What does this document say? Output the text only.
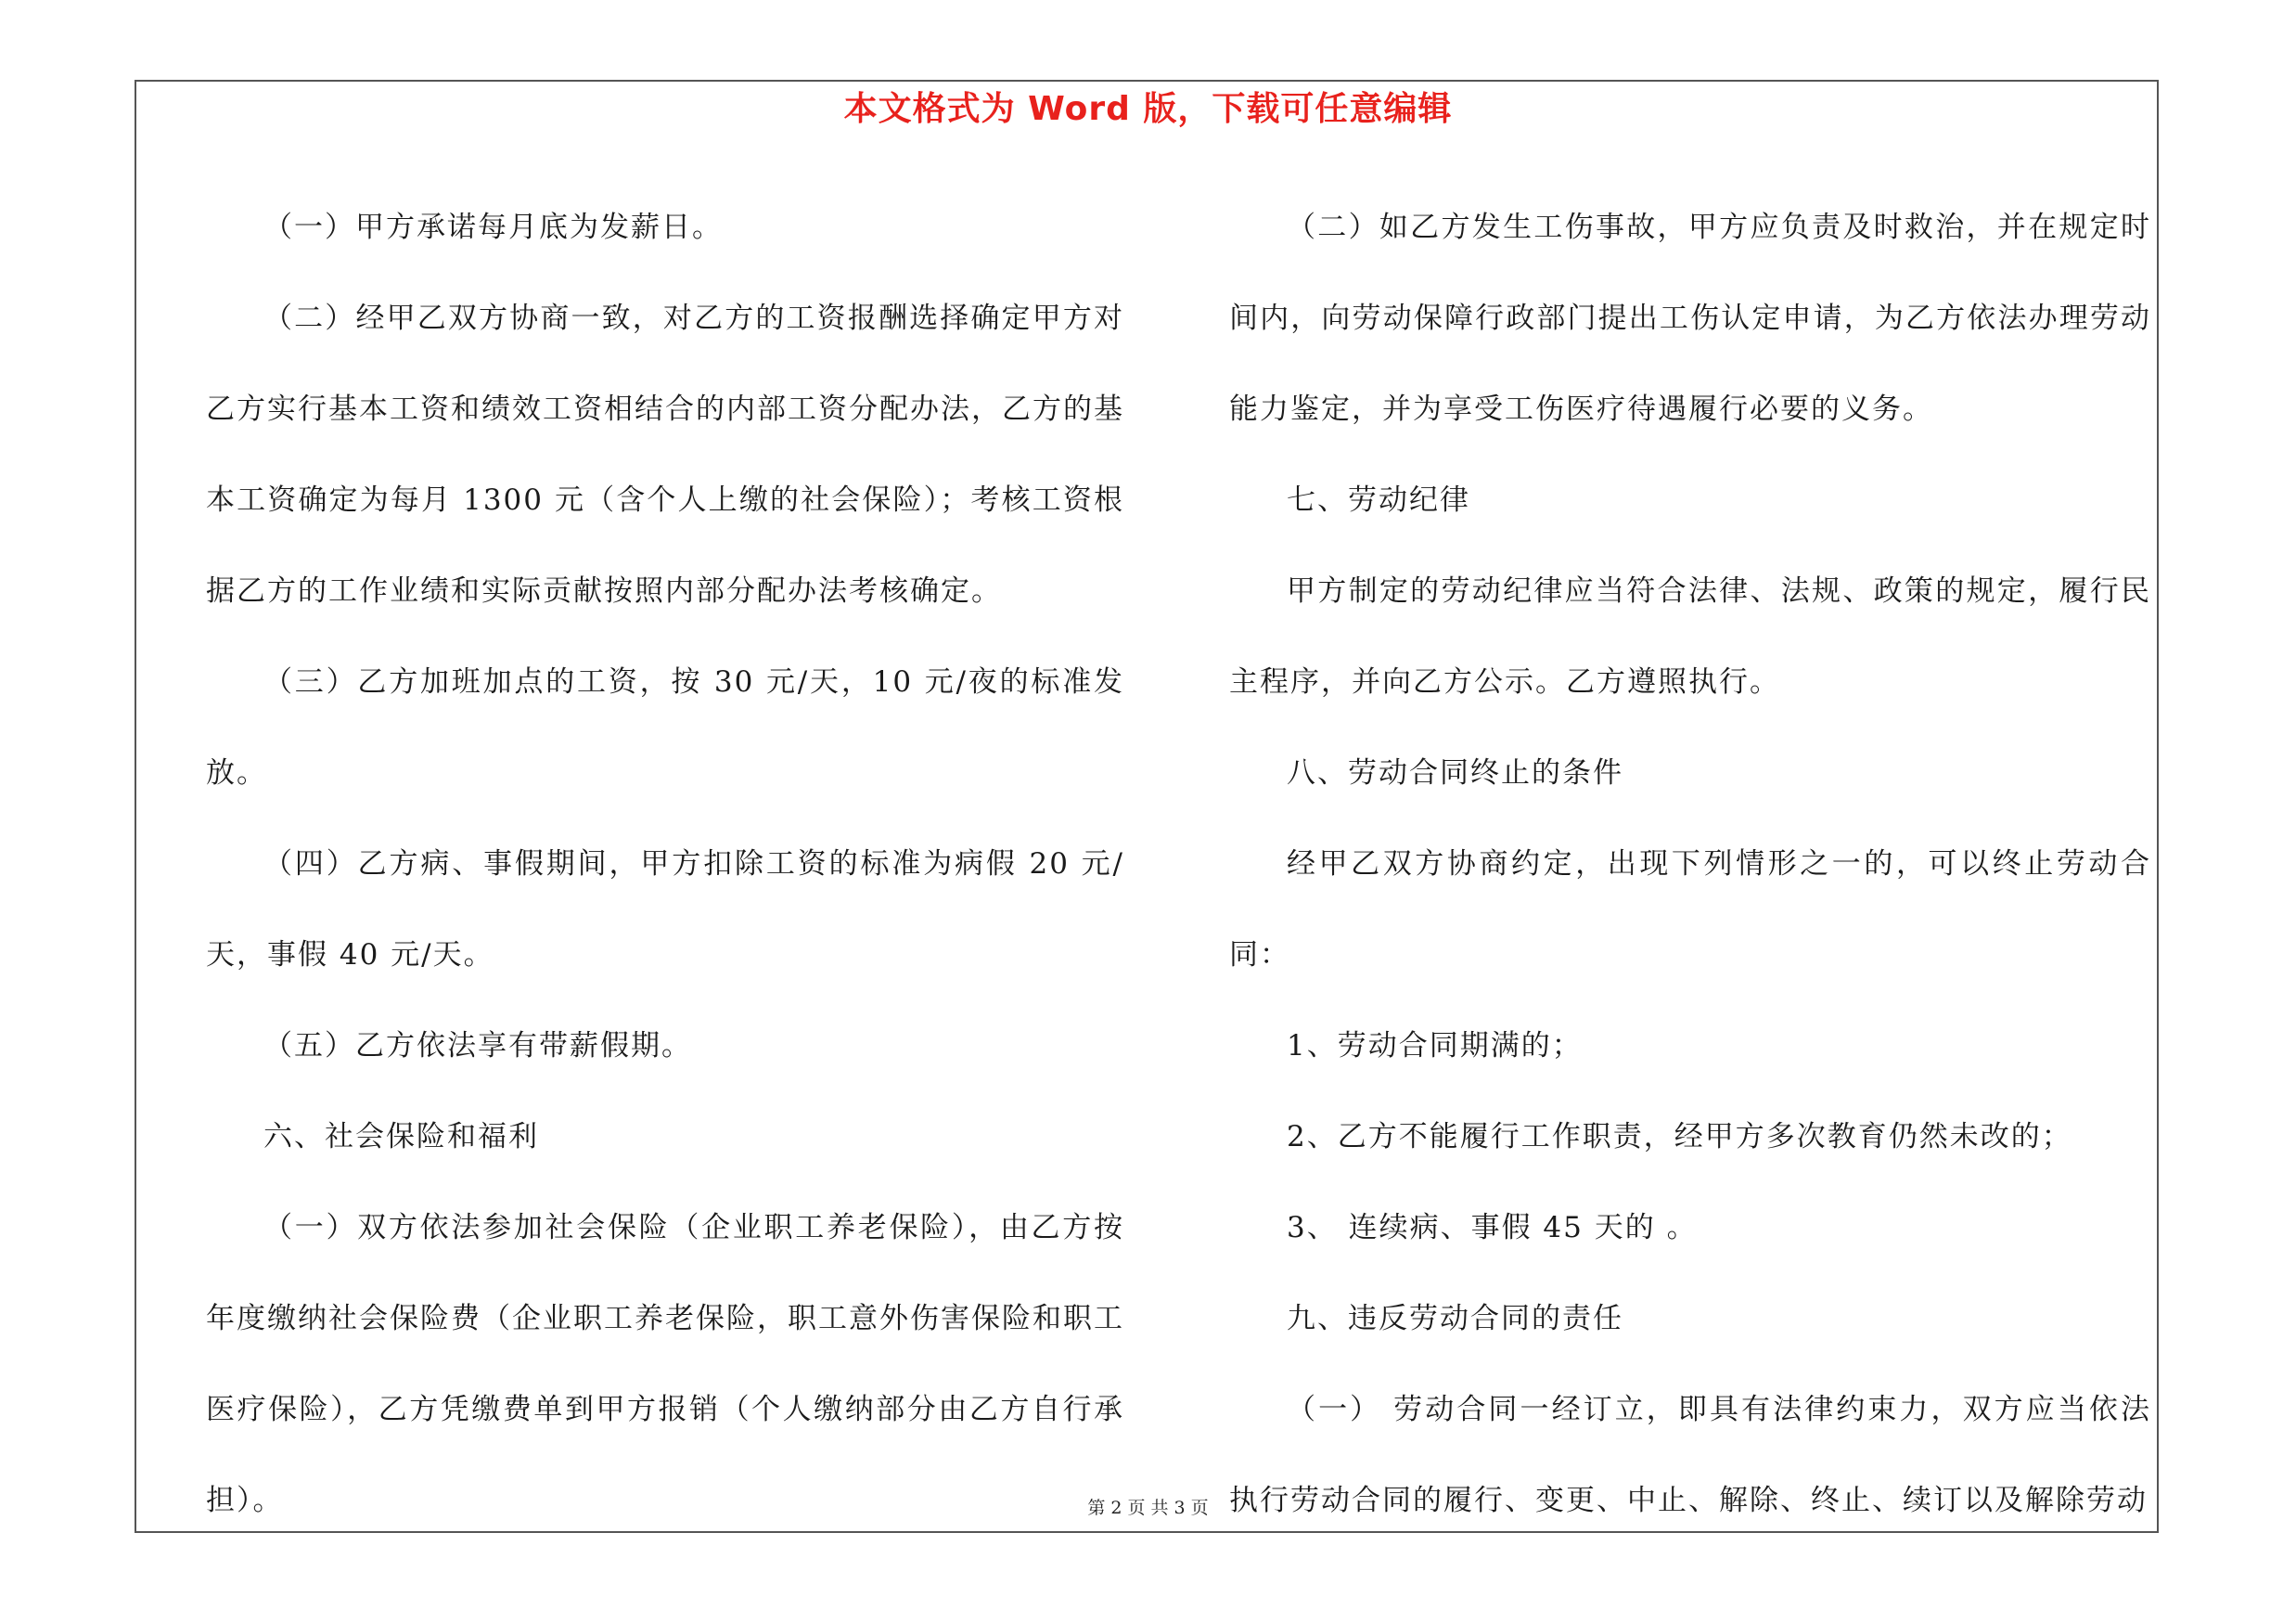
本文格式为 Word 版，下载可任意编辑

（一）甲方承诺每月底为发薪日。

（二）经甲乙双方协商一致，对乙方的工资报酬选择确定甲方对乙方实行基本工资和绩效工资相结合的内部工资分配办法，乙方的基本工资确定为每月 1300 元（含个人上缴的社会保险）；考核工资根据乙方的工作业绩和实际贡献按照内部分配办法考核确定。

（三）乙方加班加点的工资，按 30 元/天，10 元/夜的标准发放。

（四）乙方病、事假期间，甲方扣除工资的标准为病假 20 元/天，事假 40 元/天。

（五）乙方依法享有带薪假期。

六、社会保险和福利

（一）双方依法参加社会保险（企业职工养老保险），由乙方按年度缴纳社会保险费（企业职工养老保险，职工意外伤害保险和职工医疗保险），乙方凭缴费单到甲方报销（个人缴纳部分由乙方自行承担）。

（二）如乙方发生工伤事故，甲方应负责及时救治，并在规定时间内，向劳动保障行政部门提出工伤认定申请，为乙方依法办理劳动能力鉴定，并为享受工伤医疗待遇履行必要的义务。

七、劳动纪律

甲方制定的劳动纪律应当符合法律、法规、政策的规定，履行民主程序，并向乙方公示。乙方遵照执行。

八、劳动合同终止的条件

经甲乙双方协商约定，出现下列情形之一的，可以终止劳动合同：

1、劳动合同期满的；

2、乙方不能履行工作职责，经甲方多次教育仍然未改的；

3、 连续病、事假 45 天的 。

九、违反劳动合同的责任

（一） 劳动合同一经订立，即具有法律约束力，双方应当依法执行劳动合同的履行、变更、中止、解除、终止、续订以及解除劳动

第 2 页 共 3 页
